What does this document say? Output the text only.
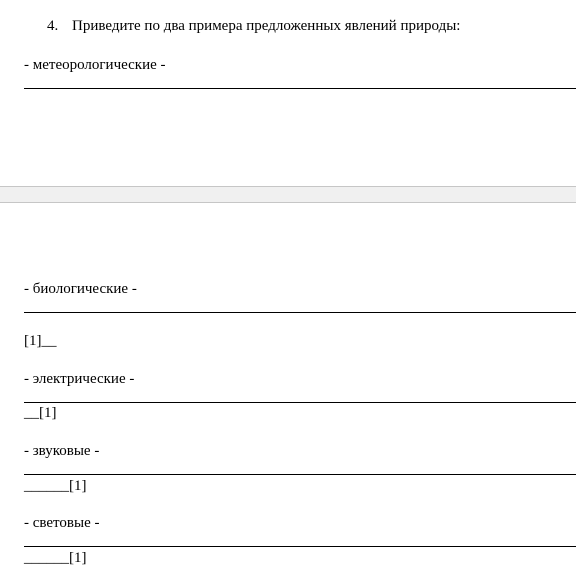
4. Приведите по два примера предложенных явлений природы:
- метеорологические -
- биологические -
[1]__
- электрические -
__[1]
- звуковые -
______[1]
- световые -
______[1]
